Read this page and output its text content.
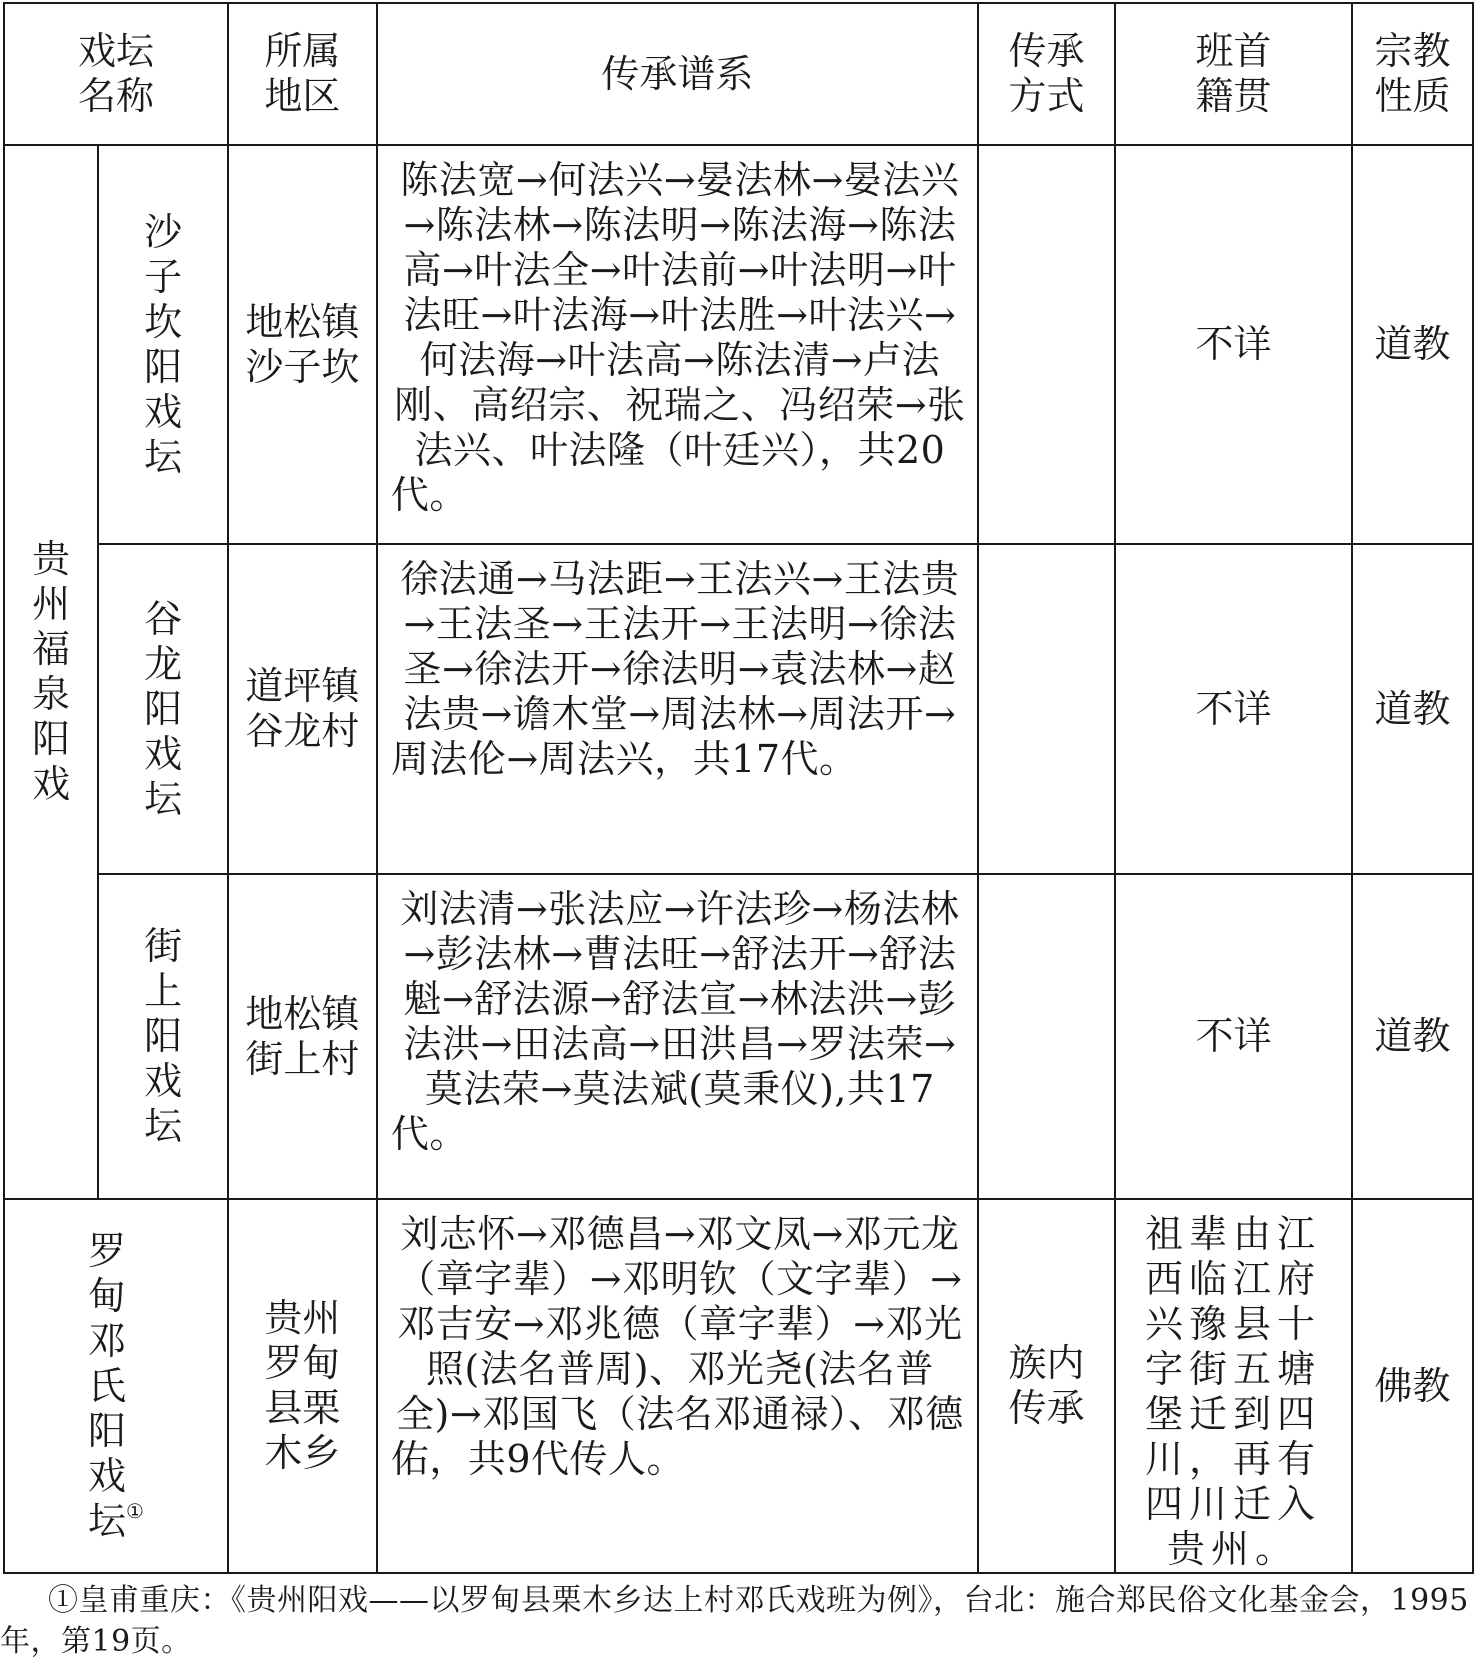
戏坛名称		所属地区	传承谱系	传承方式	班首籍贯	宗教性质
贵州福泉阳戏	沙子坎阳戏坛	地松镇沙子坎	陈法宽→何法兴→晏法林→晏法兴→陈法林→陈法明→陈法海→陈法高→叶法全→叶法前→叶法明→叶法旺→叶法海→叶法胜→叶法兴→何法海→叶法高→陈法清→卢法刚、高绍宗、祝瑞之、冯绍荣→张法兴、叶法隆（叶廷兴），共20代。		不详	道教
	谷龙阳戏坛	道坪镇谷龙村	徐法通→马法距→王法兴→王法贵→王法圣→王法开→王法明→徐法圣→徐法开→徐法明→袁法林→赵法贵→谵木堂→周法林→周法开→周法伦→周法兴，共17代。		不详	道教
	街上阳戏坛	地松镇街上村	刘法清→张法应→许法珍→杨法林→彭法林→曹法旺→舒法开→舒法魁→舒法源→舒法宣→林法洪→彭法洪→田法高→田洪昌→罗法荣→莫法荣→莫法斌(莫秉仪),共17代。		不详	道教
罗甸邓氏阳戏坛①		贵州罗甸县栗木乡	刘志怀→邓德昌→邓文凤→邓元龙（章字辈）→邓明钦（文字辈）→邓吉安→邓兆德（章字辈）→邓光照(法名普周)、邓光尧(法名普全)→邓国飞（法名邓通禄）、邓德佑，共9代传人。	族内传承	祖辈由江西临江府兴豫县十字街五塘堡迁到四川，再有四川迁入贵州。	佛教
①皇甫重庆：《贵州阳戏——以罗甸县栗木乡达上村邓氏戏班为例》，台北：施合郑民俗文化基金会，1995年，第19页。
